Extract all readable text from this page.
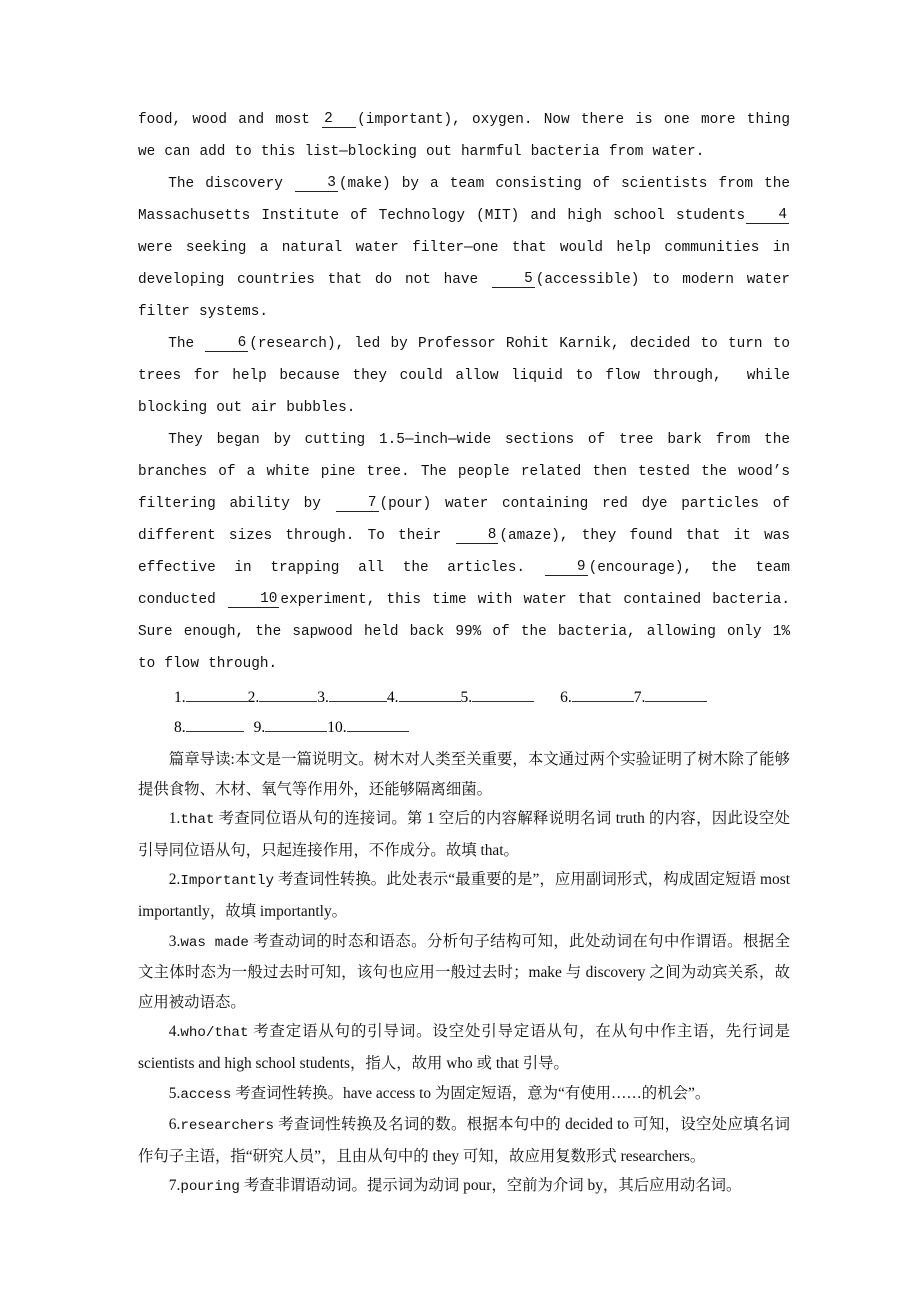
food, wood and most 2 (important), oxygen. Now there is one more thing we can add to this list—blocking out harmful bacteria from water.

The discovery 3 (make) by a team consisting of scientists from the Massachusetts Institute of Technology (MIT) and high school students 4were seeking a natural water filter—one that would help communities in developing countries that do not have 5 (accessible) to modern water filter systems.

The 6 (research), led by Professor Rohit Karnik, decided to turn to trees for help because they could allow liquid to flow through,  while blocking out air bubbles.

They began by cutting 1.5—inch—wide sections of tree bark from the branches of a white pine tree. The people related then tested the wood’s filtering ability by 7 (pour) water containing red dye particles of different sizes through. To their 8 (amaze), they found that it was effective in trapping all the articles. 9 (encourage), the team conducted 10 experiment, this time with water that contained bacteria. Sure enough, the sapwood held back 99% of the bacteria, allowing only 1% to flow through.

1.	2.	3.	4.	5.	6.	7.
8.	9.	10.

篇章导读:本文是一篇说明文。树木对人类至关重要，本文通过两个实验证明了树木除了能够提供食物、木材、氧气等作用外，还能够隔离细菌。

1.that 考查同位语从句的连接词。第 1 空后的内容解释说明名词 truth 的内容，因此设空处引导同位语从句，只起连接作用，不作成分。故填 that。

2.Importantly 考查词性转换。此处表示“最重要的是”，应用副词形式，构成固定短语 most importantly，故填 importantly。

3.was made 考查动词的时态和语态。分析句子结构可知，此处动词在句中作谓语。根据全文主体时态为一般过去时可知，该句也应用一般过去时；make 与 discovery 之间为动宾关系，故应用被动语态。

4.who/that 考查定语从句的引导词。设空处引导定语从句，在从句中作主语，先行词是 scientists and high school students，指人，故用 who 或 that 引导。

5.access 考查词性转换。have access to 为固定短语，意为“有使用……的机会”。

6.researchers 考查词性转换及名词的数。根据本句中的 decided to 可知，设空处应填名词作句子主语，指“研究人员”，且由从句中的 they 可知，故应用复数形式 researchers。

7.pouring 考查非谓语动词。提示词为动词 pour，空前为介词 by，其后应用动名词。
